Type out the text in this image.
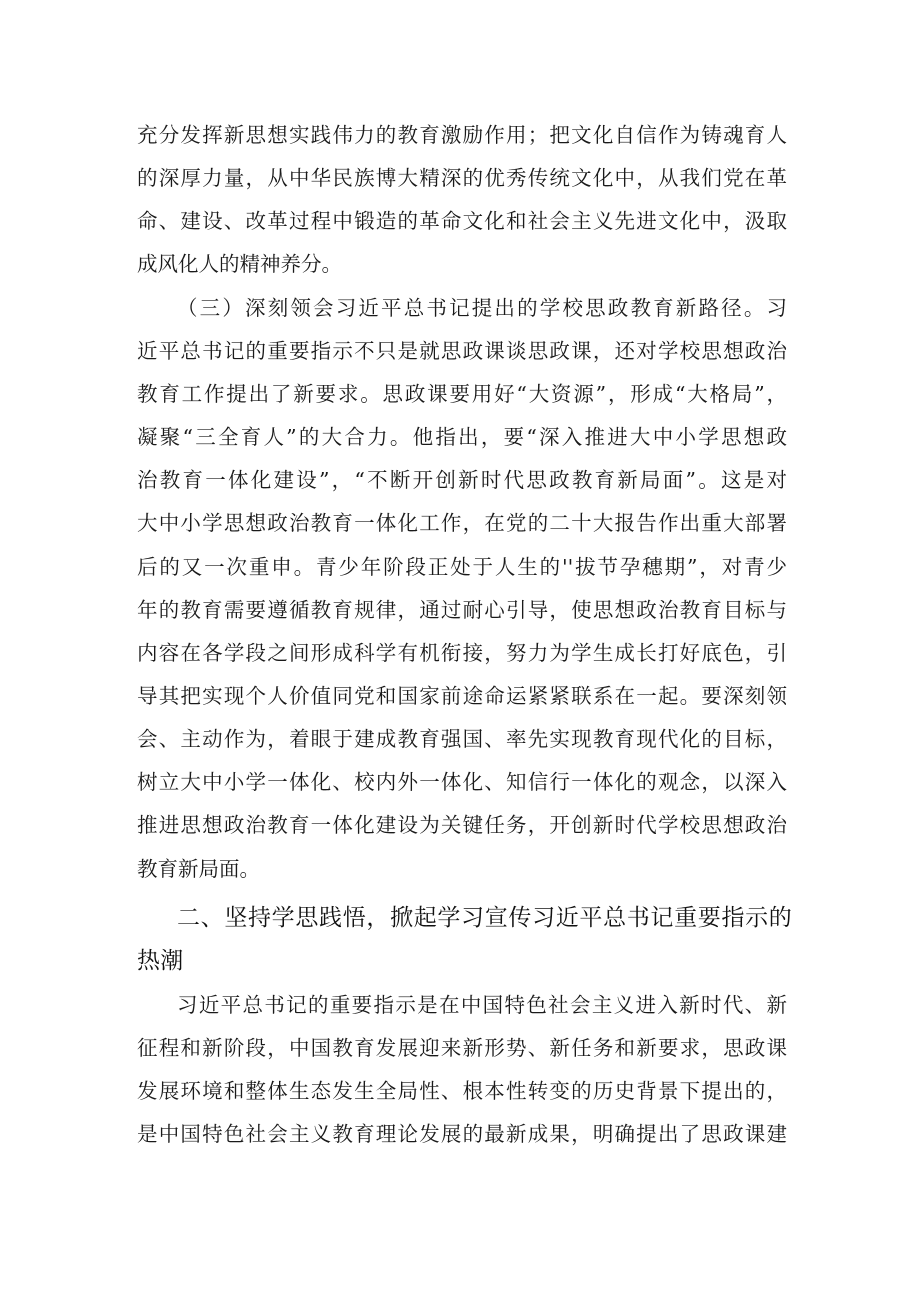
充分发挥新思想实践伟力的教育激励作用；把文化自信作为铸魂育人

的深厚力量，从中华民族博大精深的优秀传统文化中，从我们党在革

命、建设、改革过程中锻造的革命文化和社会主义先进文化中，汲取

成风化人的精神养分。

（三）深刻领会习近平总书记提出的学校思政教育新路径。习

近平总书记的重要指示不只是就思政课谈思政课，还对学校思想政治

教育工作提出了新要求。思政课要用好“大资源”，形成“大格局”，

凝聚“三全育人”的大合力。他指出，要“深入推进大中小学思想政

治教育一体化建设”，“不断开创新时代思政教育新局面”。这是对

大中小学思想政治教育一体化工作，在党的二十大报告作出重大部署

后的又一次重申。青少年阶段正处于人生的''拔节孕穗期”，对青少

年的教育需要遵循教育规律，通过耐心引导，使思想政治教育目标与

内容在各学段之间形成科学有机衔接，努力为学生成长打好底色，引

导其把实现个人价值同党和国家前途命运紧紧联系在一起。要深刻领

会、主动作为，着眼于建成教育强国、率先实现教育现代化的目标，

树立大中小学一体化、校内外一体化、知信行一体化的观念，以深入

推进思想政治教育一体化建设为关键任务，开创新时代学校思想政治

教育新局面。

二、坚持学思践悟，掀起学习宣传习近平总书记重要指示的

热潮

习近平总书记的重要指示是在中国特色社会主义进入新时代、新

征程和新阶段，中国教育发展迎来新形势、新任务和新要求，思政课

发展环境和整体生态发生全局性、根本性转变的历史背景下提出的，

是中国特色社会主义教育理论发展的最新成果，明确提出了思政课建
